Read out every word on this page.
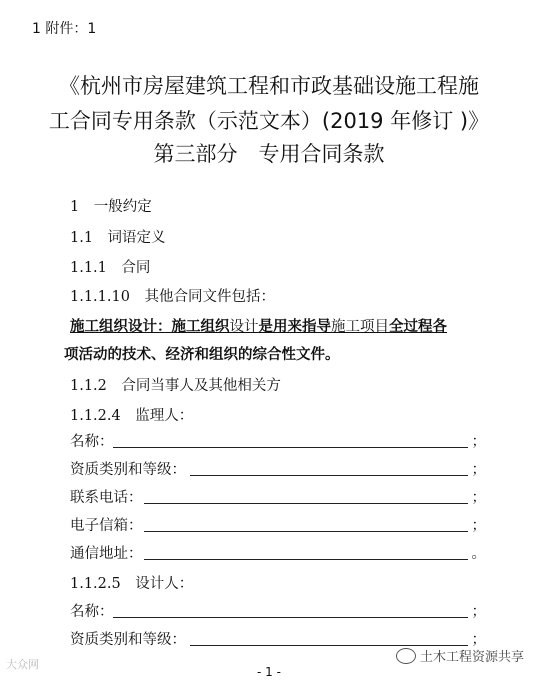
1 附件：1
《杭州市房屋建筑工程和市政基础设施工程施
工合同专用条款（示范文本）(2019 年修订 )》
第三部分　专用合同条款
1　一般约定
1.1　词语定义
1.1.1　合同
1.1.1.10　其他合同文件包括：
施工组织设计：施工组织设计是用来指导施工项目全过程各
项活动的技术、经济和组织的综合性文件。
1.1.2　合同当事人及其他相关方
1.1.2.4　监理人：
名称：	；
资质类别和等级：	；
联系电话：	；
电子信箱：	；
通信地址：	。
1.1.2.5　设计人：
名称：	；
资质类别和等级：	；
大众网	土木工程资源共享
- 1 -
